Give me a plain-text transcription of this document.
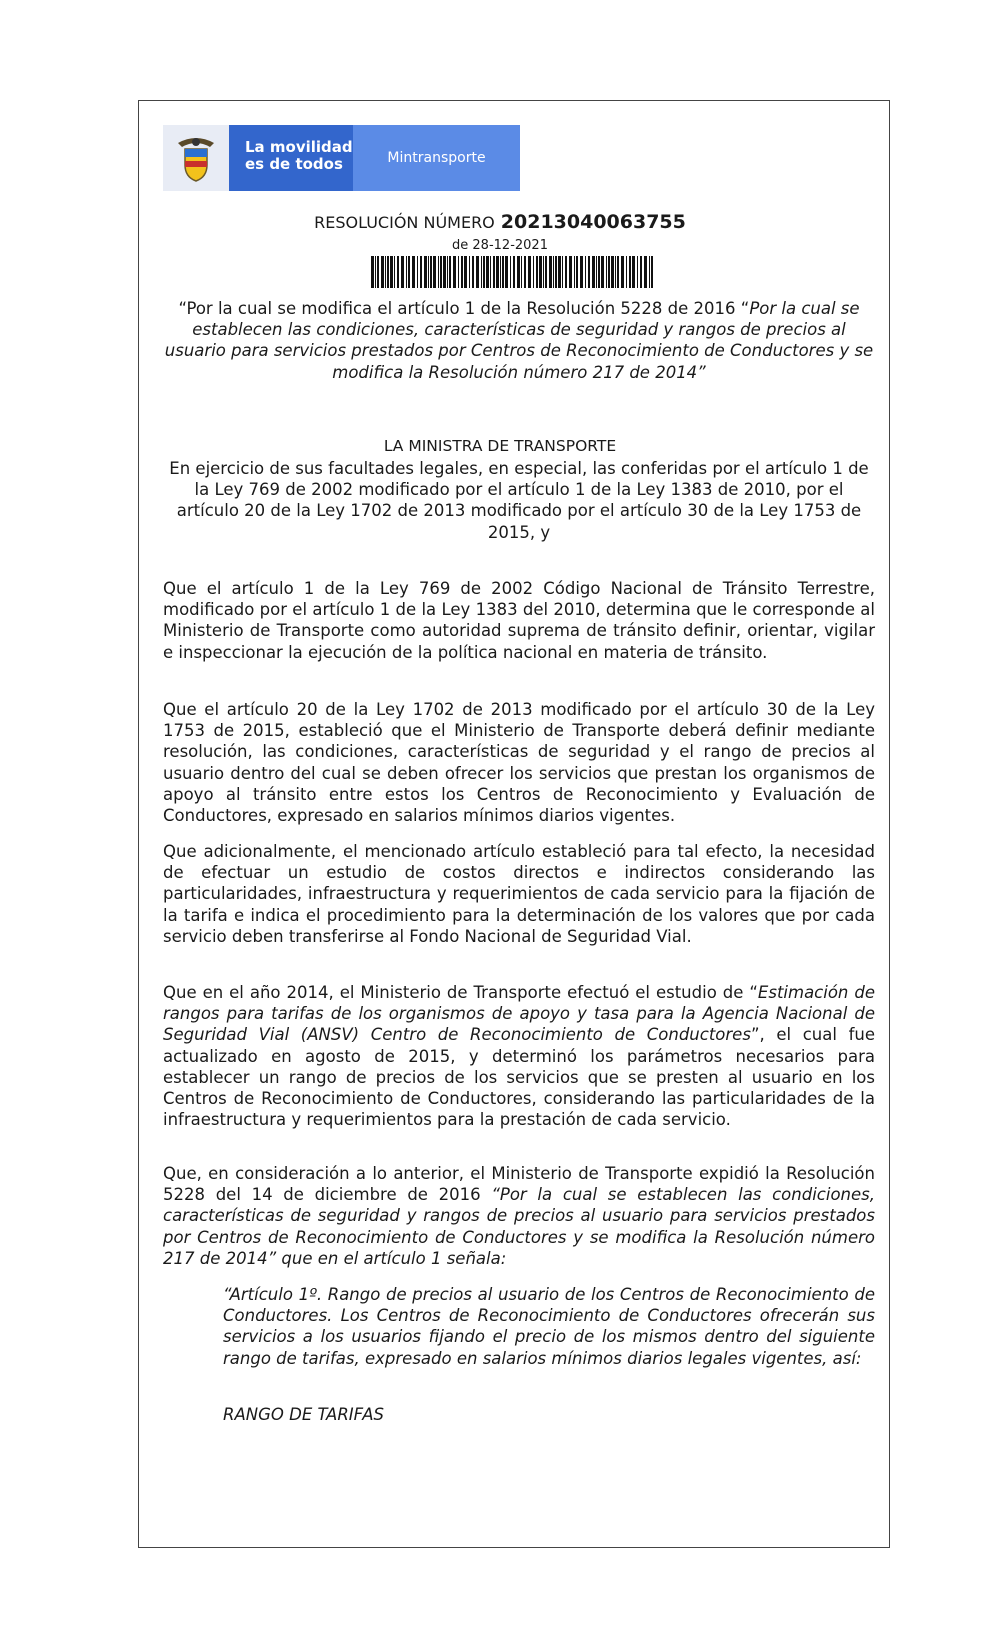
La movilidad
es de todos	Mintransporte
RESOLUCIÓN NÚMERO 20213040063755
de 28-12-2021
“Por la cual se modifica el artículo 1 de la Resolución 5228 de 2016 “Por la cual se establecen las condiciones, características de seguridad y rangos de precios al usuario para servicios prestados por Centros de Reconocimiento de Conductores y se modifica la Resolución número 217 de 2014”
LA MINISTRA DE TRANSPORTE
En ejercicio de sus facultades legales, en especial, las conferidas por el artículo 1 de la Ley 769 de 2002 modificado por el artículo 1 de la Ley 1383 de 2010, por el artículo 20 de la Ley 1702 de 2013 modificado por el artículo 30 de la Ley 1753 de 2015, y
Que el artículo 1 de la Ley 769 de 2002 Código Nacional de Tránsito Terrestre, modificado por el artículo 1 de la Ley 1383 del 2010, determina que le corresponde al Ministerio de Transporte como autoridad suprema de tránsito definir, orientar, vigilar e inspeccionar la ejecución de la política nacional en materia de tránsito.
Que el artículo 20 de la Ley 1702 de 2013 modificado por el artículo 30 de la Ley 1753 de 2015, estableció que el Ministerio de Transporte deberá definir mediante resolución, las condiciones, características de seguridad y el rango de precios al usuario dentro del cual se deben ofrecer los servicios que prestan los organismos de apoyo al tránsito entre estos los Centros de Reconocimiento y Evaluación de Conductores, expresado en salarios mínimos diarios vigentes.
Que adicionalmente, el mencionado artículo estableció para tal efecto, la necesidad de efectuar un estudio de costos directos e indirectos considerando las particularidades, infraestructura y requerimientos de cada servicio para la fijación de la tarifa e indica el procedimiento para la determinación de los valores que por cada servicio deben transferirse al Fondo Nacional de Seguridad Vial.
Que en el año 2014, el Ministerio de Transporte efectuó el estudio de “Estimación de rangos para tarifas de los organismos de apoyo y tasa para la Agencia Nacional de Seguridad Vial (ANSV) Centro de Reconocimiento de Conductores”, el cual fue actualizado en agosto de 2015, y determinó los parámetros necesarios para establecer un rango de precios de los servicios que se presten al usuario en los Centros de Reconocimiento de Conductores, considerando las particularidades de la infraestructura y requerimientos para la prestación de cada servicio.
Que, en consideración a lo anterior, el Ministerio de Transporte expidió la Resolución 5228 del 14 de diciembre de 2016 “Por la cual se establecen las condiciones, características de seguridad y rangos de precios al usuario para servicios prestados por Centros de Reconocimiento de Conductores y se modifica la Resolución número 217 de 2014” que en el artículo 1 señala:
“Artículo 1º. Rango de precios al usuario de los Centros de Reconocimiento de Conductores. Los Centros de Reconocimiento de Conductores ofrecerán sus servicios a los usuarios fijando el precio de los mismos dentro del siguiente rango de tarifas, expresado en salarios mínimos diarios legales vigentes, así:
RANGO DE TARIFAS
